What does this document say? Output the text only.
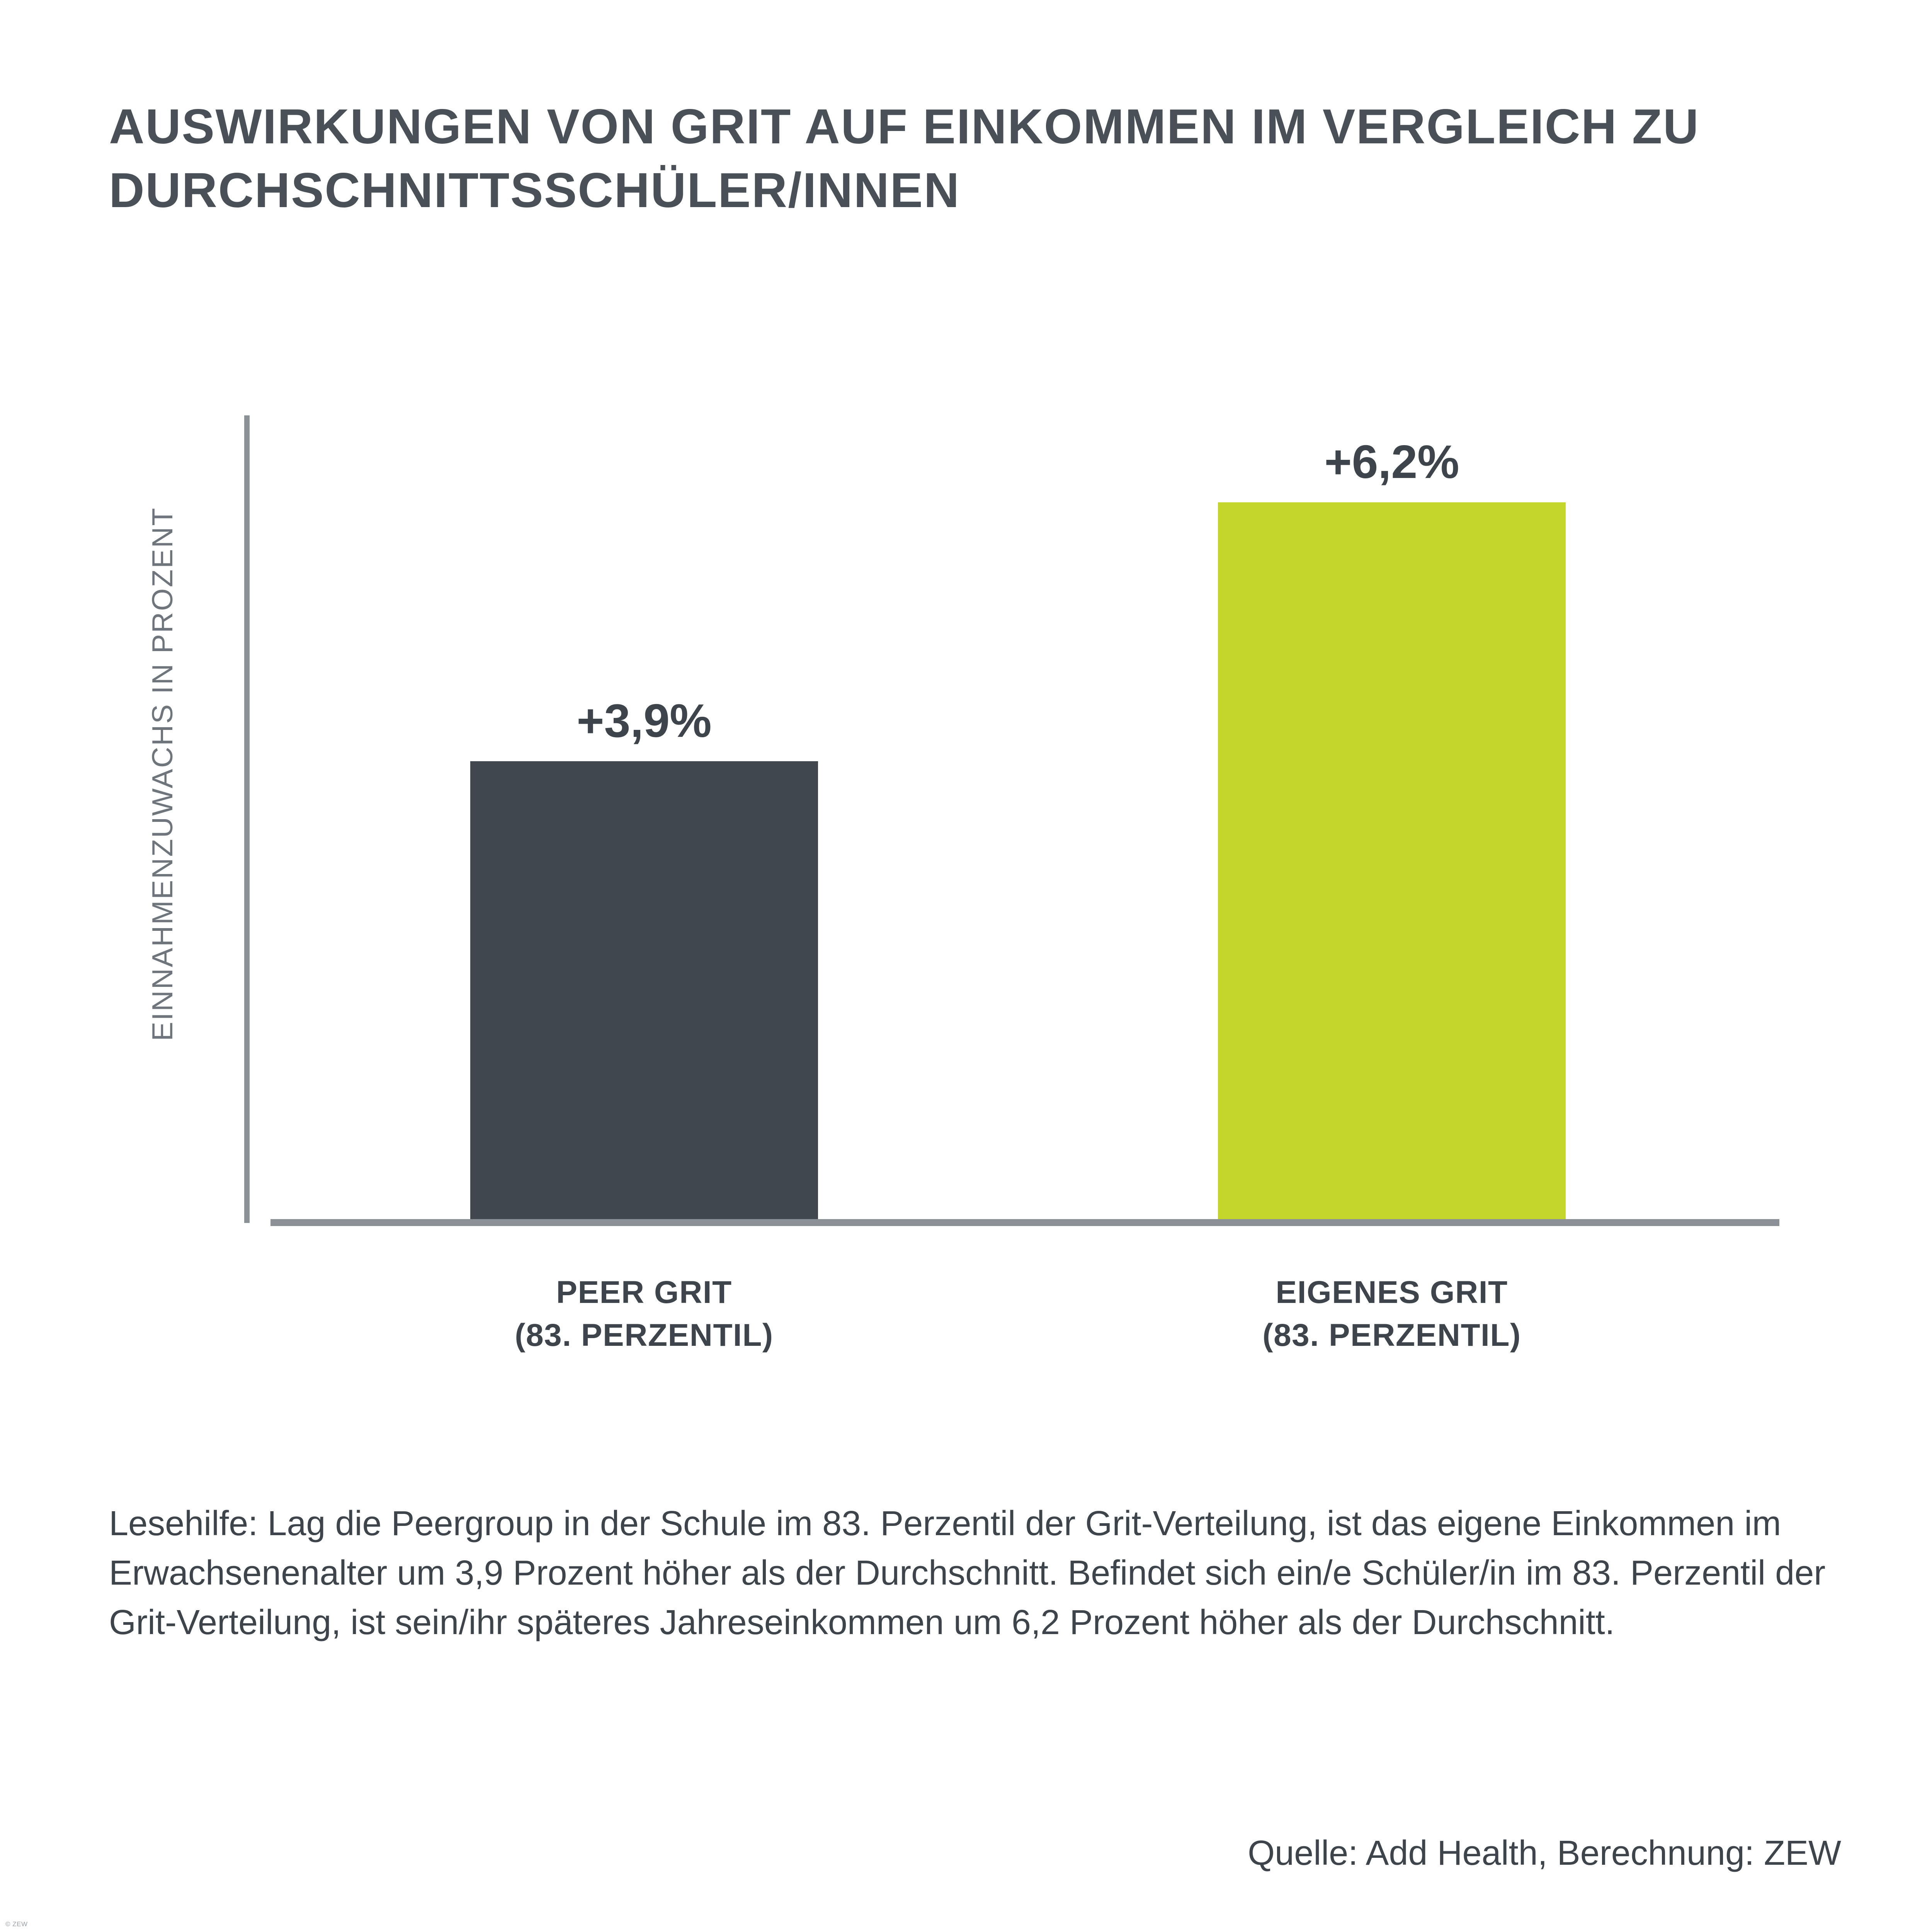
AUSWIRKUNGEN VON GRIT AUF EINKOMMEN IM VERGLEICH ZU DURCHSCHNITTSSCHÜLER/INNEN
EINNAHMENZUWACHS IN PROZENT	+3,9%
+6,2%
PEER GRIT
(83. PERZENTIL)
EIGENES GRIT
(83. PERZENTIL)
Lesehilfe: Lag die Peergroup in der Schule im 83. Perzentil der Grit-Verteilung, ist das eigene Einkommen im Erwachsenenalter um 3,9 Prozent höher als der Durchschnitt. Befindet sich ein/e Schüler/in im 83. Perzentil der Grit-Verteilung, ist sein/ihr späteres Jahreseinkommen um 6,2 Prozent höher als der Durchschnitt.
Quelle: Add Health, Berechnung: ZEW
© ZEW
